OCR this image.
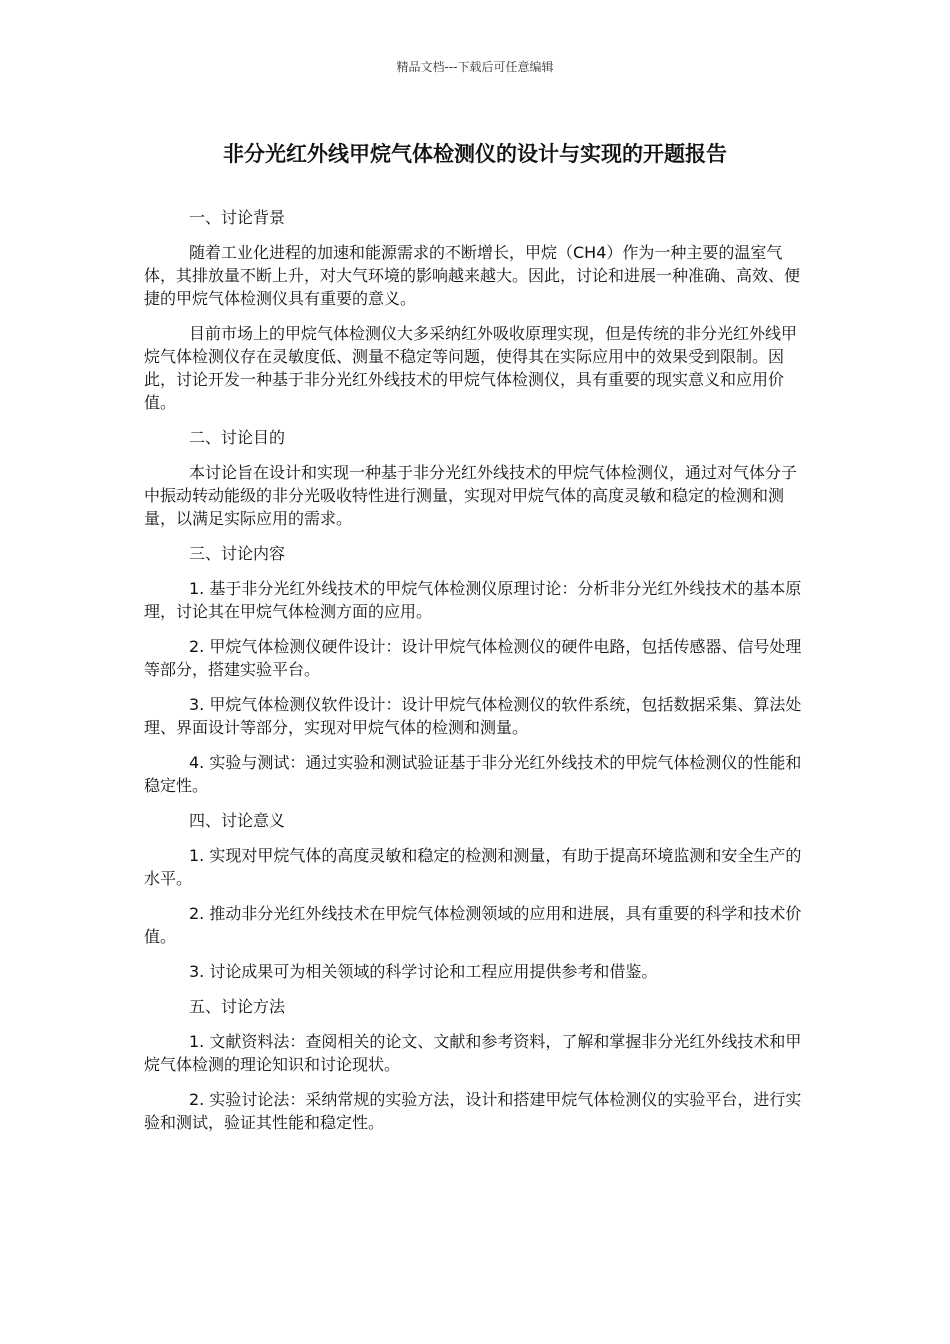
精品文档---下载后可任意编辑
非分光红外线甲烷气体检测仪的设计与实现的开题报告

一、讨论背景

随着工业化进程的加速和能源需求的不断增长，甲烷（CH4）作为一种主要的温室气体，其排放量不断上升，对大气环境的影响越来越大。因此，讨论和进展一种准确、高效、便捷的甲烷气体检测仪具有重要的意义。

目前市场上的甲烷气体检测仪大多采纳红外吸收原理实现，但是传统的非分光红外线甲烷气体检测仪存在灵敏度低、测量不稳定等问题，使得其在实际应用中的效果受到限制。因此，讨论开发一种基于非分光红外线技术的甲烷气体检测仪，具有重要的现实意义和应用价值。

二、讨论目的

本讨论旨在设计和实现一种基于非分光红外线技术的甲烷气体检测仪，通过对气体分子中振动转动能级的非分光吸收特性进行测量，实现对甲烷气体的高度灵敏和稳定的检测和测量，以满足实际应用的需求。

三、讨论内容

1. 基于非分光红外线技术的甲烷气体检测仪原理讨论：分析非分光红外线技术的基本原理，讨论其在甲烷气体检测方面的应用。

2. 甲烷气体检测仪硬件设计：设计甲烷气体检测仪的硬件电路，包括传感器、信号处理等部分，搭建实验平台。

3. 甲烷气体检测仪软件设计：设计甲烷气体检测仪的软件系统，包括数据采集、算法处理、界面设计等部分，实现对甲烷气体的检测和测量。

4. 实验与测试：通过实验和测试验证基于非分光红外线技术的甲烷气体检测仪的性能和稳定性。

四、讨论意义

1. 实现对甲烷气体的高度灵敏和稳定的检测和测量，有助于提高环境监测和安全生产的水平。

2. 推动非分光红外线技术在甲烷气体检测领域的应用和进展，具有重要的科学和技术价值。

3. 讨论成果可为相关领域的科学讨论和工程应用提供参考和借鉴。

五、讨论方法

1. 文献资料法：查阅相关的论文、文献和参考资料，了解和掌握非分光红外线技术和甲烷气体检测的理论知识和讨论现状。

2. 实验讨论法：采纳常规的实验方法，设计和搭建甲烷气体检测仪的实验平台，进行实验和测试，验证其性能和稳定性。
